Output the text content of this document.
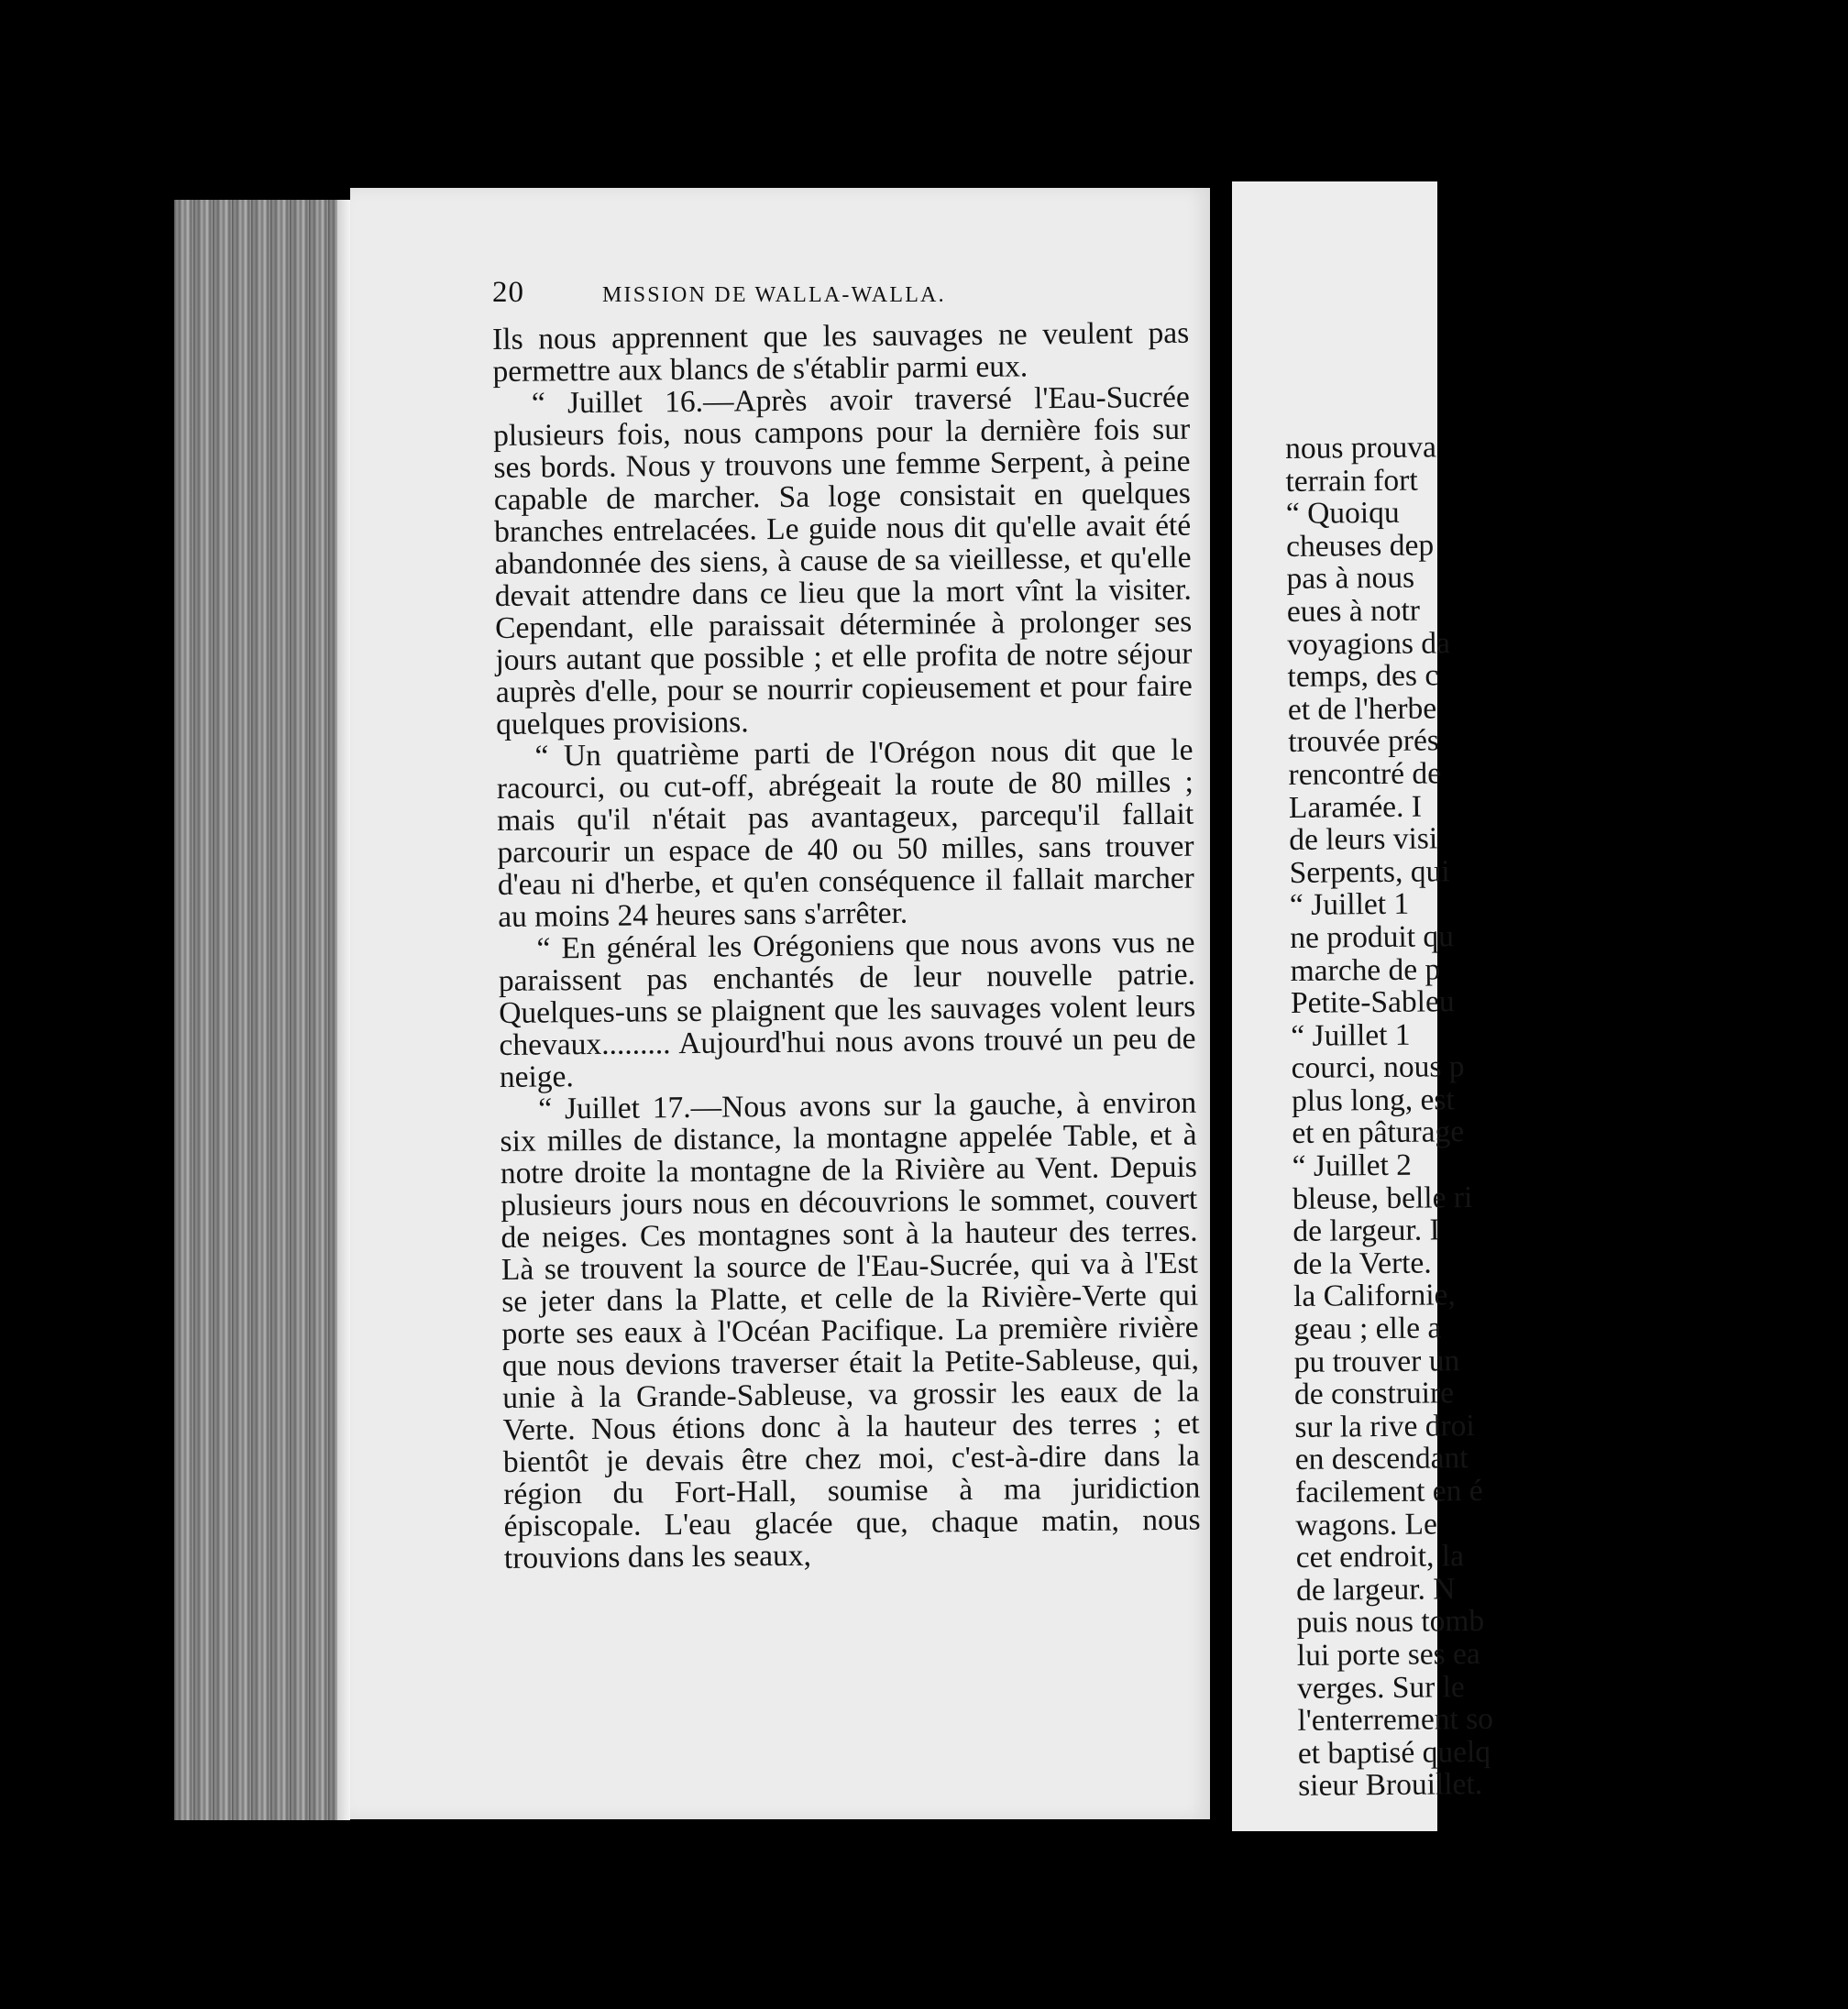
20	MISSION DE WALLA-WALLA.

Ils nous apprennent que les sauvages ne veulent pas permettre aux blancs de s'établir parmi eux.

“ Juillet 16.—Après avoir traversé l'Eau-Sucrée plusieurs fois, nous campons pour la dernière fois sur ses bords. Nous y trouvons une femme Serpent, à peine capable de marcher. Sa loge consistait en quelques branches entrelacées. Le guide nous dit qu'elle avait été abandonnée des siens, à cause de sa vieillesse, et qu'elle devait attendre dans ce lieu que la mort vînt la visiter. Cependant, elle paraissait déterminée à prolonger ses jours autant que possible ; et elle profita de notre séjour auprès d'elle, pour se nourrir copieusement et pour faire quelques provisions.

“ Un quatrième parti de l'Orégon nous dit que le racourci, ou cut-off, abrégeait la route de 80 milles ; mais qu'il n'était pas avantageux, parcequ'il fallait parcourir un espace de 40 ou 50 milles, sans trouver d'eau ni d'herbe, et qu'en conséquence il fallait marcher au moins 24 heures sans s'arrêter.

“ En général les Orégoniens que nous avons vus ne paraissent pas enchantés de leur nouvelle patrie. Quelques-uns se plaignent que les sauvages volent leurs chevaux......... Aujourd'hui nous avons trouvé un peu de neige.

“ Juillet 17.—Nous avons sur la gauche, à environ six milles de distance, la montagne appelée Table, et à notre droite la montagne de la Rivière au Vent. Depuis plusieurs jours nous en découvrions le sommet, couvert de neiges. Ces montagnes sont à la hauteur des terres. Là se trouvent la source de l'Eau-Sucrée, qui va à l'Est se jeter dans la Platte, et celle de la Rivière-Verte qui porte ses eaux à l'Océan Pacifique. La première rivière que nous devions traverser était la Petite-Sableuse, qui, unie à la Grande-Sableuse, va grossir les eaux de la Verte. Nous étions donc à la hauteur des terres ; et bientôt je devais être chez moi, c'est-à-dire dans la région du Fort-Hall, soumise à ma juridiction épiscopale. L'eau glacée que, chaque matin, nous trouvions dans les seaux,

nous prouva
terrain fort
“ Quoiqu
cheuses dep
pas à nous
eues à notr
voyagions da
temps, des c
et de l'herbe
trouvée prés
rencontré de
Laramée. I
de leurs visi
Serpents, qui
“ Juillet 1
ne produit qu
marche de p
Petite-Sableu
“ Juillet 1
courci, nous p
plus long, est
et en pâturage
“ Juillet 2
bleuse, belle ri
de largeur. I
de la Verte.
la Californie,
geau ; elle a
pu trouver un
de construire
sur la rive droi
en descendant
facilement en é
wagons. Le
cet endroit, la
de largeur. N
puis nous tomb
lui porte ses ea
verges. Sur le
l'enterrement so
et baptisé quelq
sieur Brouillet.
